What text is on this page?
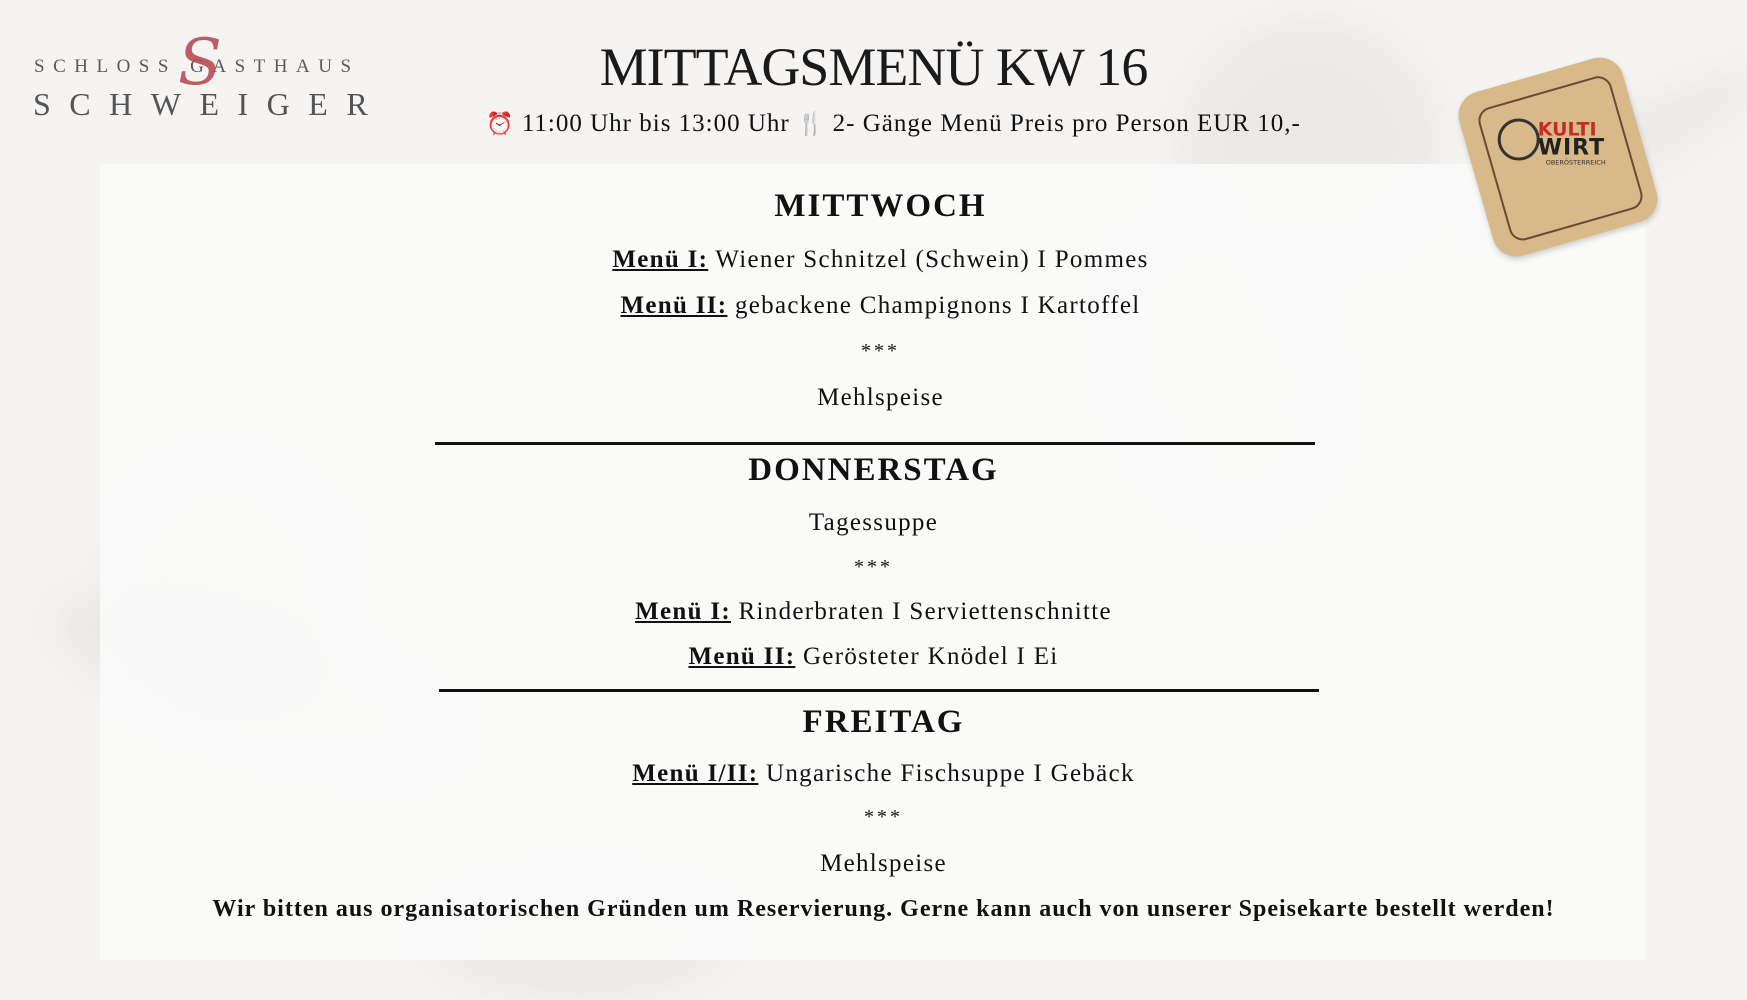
SCHLOSS GASTHAUS
S
SCHWEIGER
MITTAGSMENÜ KW 16
⏰ 11:00 Uhr bis 13:00 Uhr 🍴 2- Gänge Menü Preis pro Person EUR 10,-	KULTI
WIRT
OBERÖSTERREICH
MITTWOCH
Menü I: Wiener Schnitzel (Schwein) I Pommes
Menü II: gebackene Champignons I Kartoffel
***
Mehlspeise
DONNERSTAG
Tagessuppe
***
Menü I: Rinderbraten I Serviettenschnitte
Menü II: Gerösteter Knödel I Ei
FREITAG
Menü I/II: Ungarische Fischsuppe I Gebäck
***
Mehlspeise
Wir bitten aus organisatorischen Gründen um Reservierung. Gerne kann auch von unserer Speisekarte bestellt werden!
